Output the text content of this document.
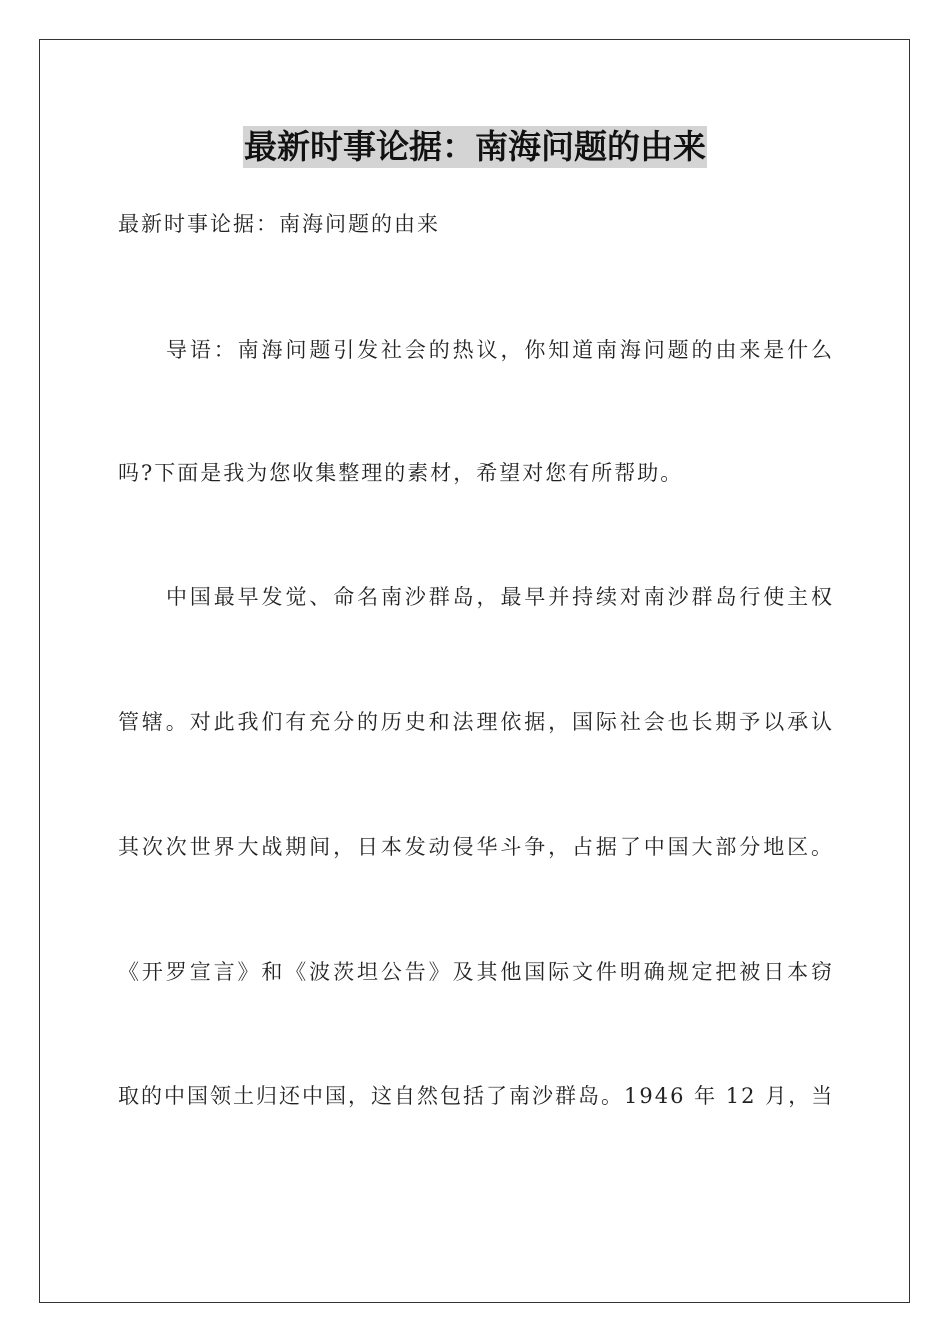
最新时事论据：南海问题的由来
最新时事论据：南海问题的由来
导语：南海问题引发社会的热议，你知道南海问题的由来是什么
吗?下面是我为您收集整理的素材，希望对您有所帮助。
中国最早发觉、命名南沙群岛，最早并持续对南沙群岛行使主权
管辖。对此我们有充分的历史和法理依据，国际社会也长期予以承认
其次次世界大战期间，日本发动侵华斗争，占据了中国大部分地区。
《开罗宣言》和《波茨坦公告》及其他国际文件明确规定把被日本窃
取的中国领土归还中国，这自然包括了南沙群岛。1946 年 12 月，当
